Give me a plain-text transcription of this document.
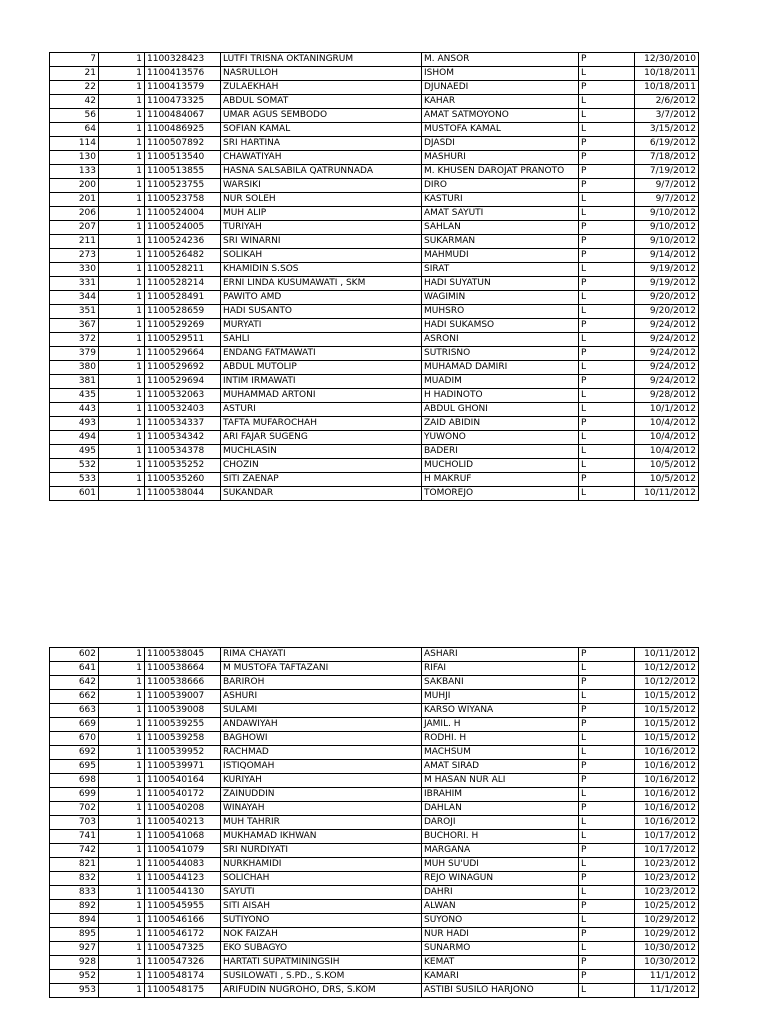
7	1	1100328423	LUTFI TRISNA OKTANINGRUM	M. ANSOR	P	12/30/2010
21	1	1100413576	NASRULLOH	ISHOM	L	10/18/2011
22	1	1100413579	ZULAEKHAH	DJUNAEDI	P	10/18/2011
42	1	1100473325	ABDUL SOMAT	KAHAR	L	2/6/2012
56	1	1100484067	UMAR AGUS SEMBODO	AMAT SATMOYONO	L	3/7/2012
64	1	1100486925	SOFIAN KAMAL	MUSTOFA KAMAL	L	3/15/2012
114	1	1100507892	SRI HARTINA	DJASDI	P	6/19/2012
130	1	1100513540	CHAWATIYAH	MASHURI	P	7/18/2012
133	1	1100513855	HASNA SALSABILA QATRUNNADA	M. KHUSEN DAROJAT PRANOTO	P	7/19/2012
200	1	1100523755	WARSIKI	DIRO	P	9/7/2012
201	1	1100523758	NUR SOLEH	KASTURI	L	9/7/2012
206	1	1100524004	MUH ALIP	AMAT SAYUTI	L	9/10/2012
207	1	1100524005	TURIYAH	SAHLAN	P	9/10/2012
211	1	1100524236	SRI WINARNI	SUKARMAN	P	9/10/2012
273	1	1100526482	SOLIKAH	MAHMUDI	P	9/14/2012
330	1	1100528211	KHAMIDIN S.SOS	SIRAT	L	9/19/2012
331	1	1100528214	ERNI LINDA KUSUMAWATI , SKM	HADI SUYATUN	P	9/19/2012
344	1	1100528491	PAWITO AMD	WAGIMIN	L	9/20/2012
351	1	1100528659	HADI SUSANTO	MUHSRO	L	9/20/2012
367	1	1100529269	MURYATI	HADI SUKAMSO	P	9/24/2012
372	1	1100529511	SAHLI	ASRONI	L	9/24/2012
379	1	1100529664	ENDANG FATMAWATI	SUTRISNO	P	9/24/2012
380	1	1100529692	ABDUL MUTOLIP	MUHAMAD DAMIRI	L	9/24/2012
381	1	1100529694	INTIM IRMAWATI	MUADIM	P	9/24/2012
435	1	1100532063	MUHAMMAD ARTONI	H HADINOTO	L	9/28/2012
443	1	1100532403	ASTURI	ABDUL GHONI	L	10/1/2012
493	1	1100534337	TAFTA MUFAROCHAH	ZAID ABIDIN	P	10/4/2012
494	1	1100534342	ARI FAJAR SUGENG	YUWONO	L	10/4/2012
495	1	1100534378	MUCHLASIN	BADERI	L	10/4/2012
532	1	1100535252	CHOZIN	MUCHOLID	L	10/5/2012
533	1	1100535260	SITI ZAENAP	H MAKRUF	P	10/5/2012
601	1	1100538044	SUKANDAR	TOMOREJO	L	10/11/2012
602	1	1100538045	RIMA CHAYATI	ASHARI	P	10/11/2012
641	1	1100538664	M MUSTOFA TAFTAZANI	RIFAI	L	10/12/2012
642	1	1100538666	BARIROH	SAKBANI	P	10/12/2012
662	1	1100539007	ASHURI	MUHJI	L	10/15/2012
663	1	1100539008	SULAMI	KARSO WIYANA	P	10/15/2012
669	1	1100539255	ANDAWIYAH	JAMIL. H	P	10/15/2012
670	1	1100539258	BAGHOWI	RODHI. H	L	10/15/2012
692	1	1100539952	RACHMAD	MACHSUM	L	10/16/2012
695	1	1100539971	ISTIQOMAH	AMAT SIRAD	P	10/16/2012
698	1	1100540164	KURIYAH	M HASAN NUR ALI	P	10/16/2012
699	1	1100540172	ZAINUDDIN	IBRAHIM	L	10/16/2012
702	1	1100540208	WINAYAH	DAHLAN	P	10/16/2012
703	1	1100540213	MUH TAHRIR	DAROJI	L	10/16/2012
741	1	1100541068	MUKHAMAD IKHWAN	BUCHORI. H	L	10/17/2012
742	1	1100541079	SRI NURDIYATI	MARGANA	P	10/17/2012
821	1	1100544083	NURKHAMIDI	MUH SU'UDI	L	10/23/2012
832	1	1100544123	SOLICHAH	REJO WINAGUN	P	10/23/2012
833	1	1100544130	SAYUTI	DAHRI	L	10/23/2012
892	1	1100545955	SITI AISAH	ALWAN	P	10/25/2012
894	1	1100546166	SUTIYONO	SUYONO	L	10/29/2012
895	1	1100546172	NOK FAIZAH	NUR HADI	P	10/29/2012
927	1	1100547325	EKO SUBAGYO	SUNARMO	L	10/30/2012
928	1	1100547326	HARTATI SUPATMININGSIH	KEMAT	P	10/30/2012
952	1	1100548174	SUSILOWATI , S.PD., S.KOM	KAMARI	P	11/1/2012
953	1	1100548175	ARIFUDIN NUGROHO, DRS, S.KOM	ASTIBI SUSILO HARJONO	L	11/1/2012
